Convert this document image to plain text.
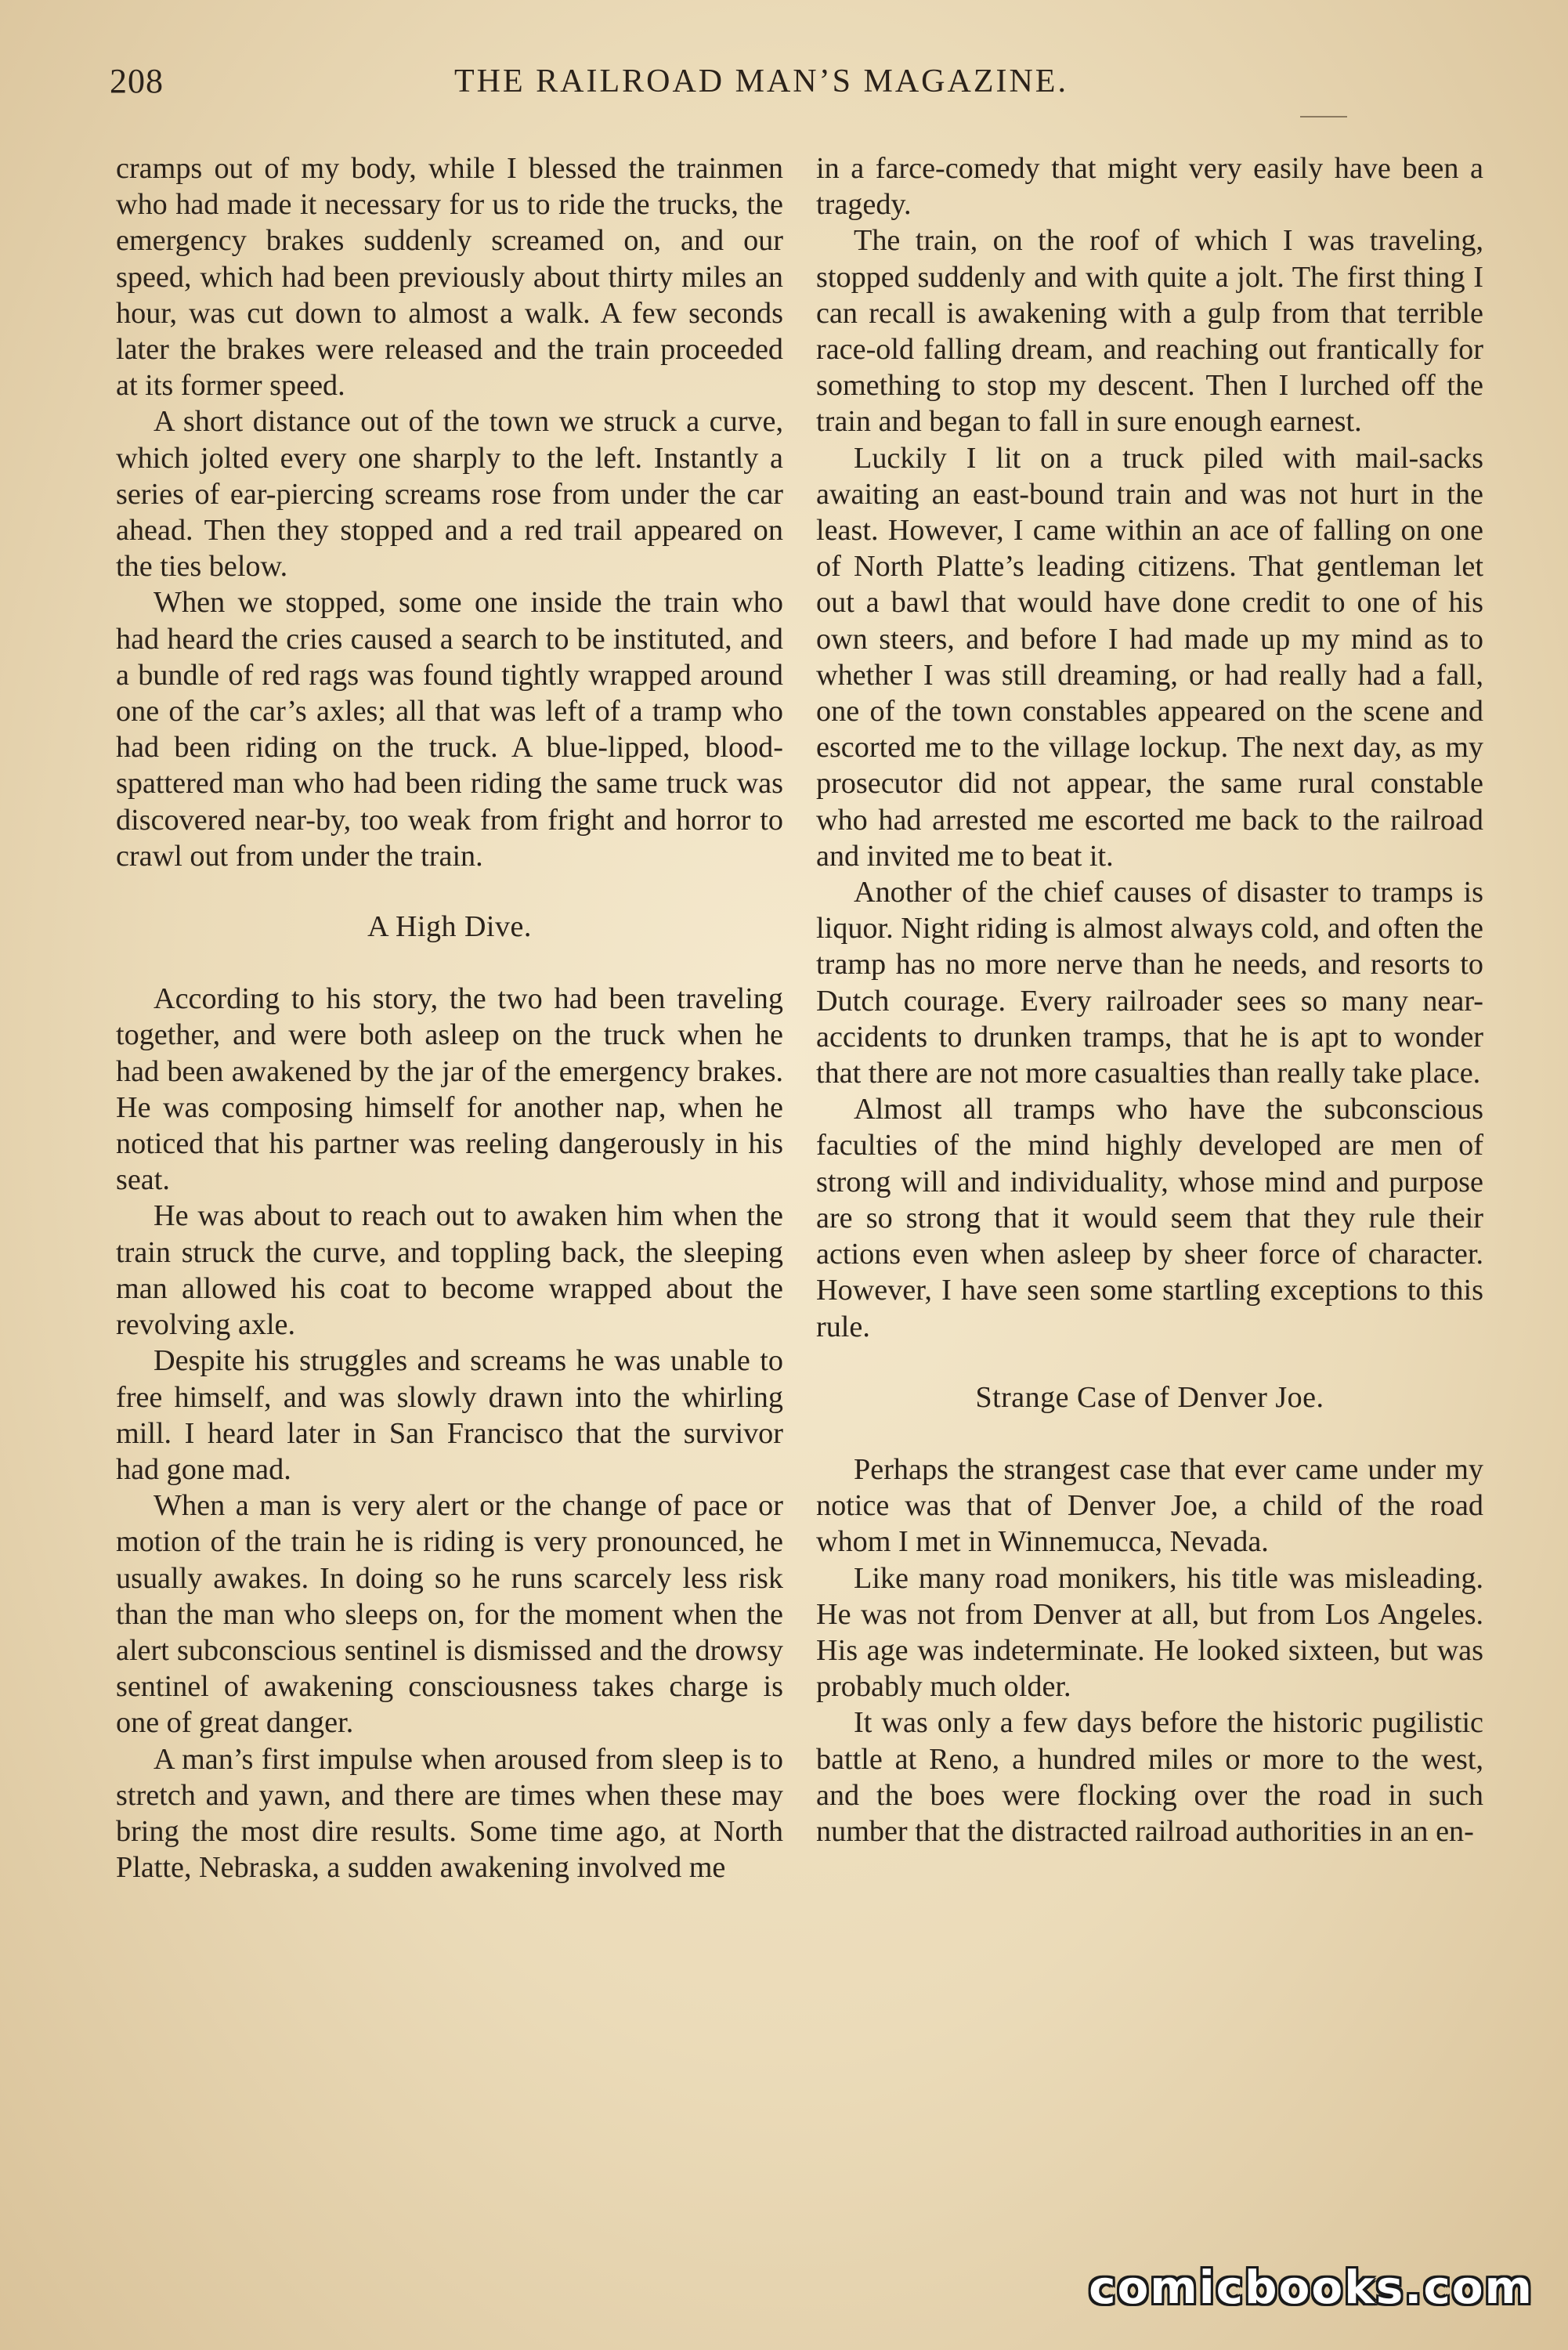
208	THE RAILROAD MAN’S MAGAZINE.

cramps out of my body, while I blessed the trainmen who had made it necessary for us to ride the trucks, the emergency brakes suddenly screamed on, and our speed, which had been previously about thirty miles an hour, was cut down to almost a walk. A few seconds later the brakes were released and the train proceeded at its former speed.

A short distance out of the town we struck a curve, which jolted every one sharply to the left. Instantly a series of ear-piercing screams rose from under the car ahead. Then they stopped and a red trail appeared on the ties below.

When we stopped, some one inside the train who had heard the cries caused a search to be instituted, and a bundle of red rags was found tightly wrapped around one of the car’s axles; all that was left of a tramp who had been riding on the truck. A blue-lipped, blood-spattered man who had been riding the same truck was discovered near-by, too weak from fright and horror to crawl out from under the train.

A High Dive.

According to his story, the two had been traveling together, and were both asleep on the truck when he had been awakened by the jar of the emergency brakes. He was composing himself for another nap, when he noticed that his partner was reeling dangerously in his seat.

He was about to reach out to awaken him when the train struck the curve, and toppling back, the sleeping man allowed his coat to become wrapped about the revolving axle.

Despite his struggles and screams he was unable to free himself, and was slowly drawn into the whirling mill. I heard later in San Francisco that the survivor had gone mad.

When a man is very alert or the change of pace or motion of the train he is riding is very pronounced, he usually awakes. In doing so he runs scarcely less risk than the man who sleeps on, for the moment when the alert subconscious sentinel is dismissed and the drowsy sentinel of awakening consciousness takes charge is one of great danger.

A man’s first impulse when aroused from sleep is to stretch and yawn, and there are times when these may bring the most dire results. Some time ago, at North Platte, Nebraska, a sudden awakening involved me

in a farce-comedy that might very easily have been a tragedy.

The train, on the roof of which I was traveling, stopped suddenly and with quite a jolt. The first thing I can recall is awakening with a gulp from that terrible race-old falling dream, and reaching out frantically for something to stop my descent. Then I lurched off the train and began to fall in sure enough earnest.

Luckily I lit on a truck piled with mail-sacks awaiting an east-bound train and was not hurt in the least. However, I came within an ace of falling on one of North Platte’s leading citizens. That gentleman let out a bawl that would have done credit to one of his own steers, and before I had made up my mind as to whether I was still dreaming, or had really had a fall, one of the town constables appeared on the scene and escorted me to the village lockup. The next day, as my prosecutor did not appear, the same rural constable who had arrested me escorted me back to the railroad and invited me to beat it.

Another of the chief causes of disaster to tramps is liquor. Night riding is almost always cold, and often the tramp has no more nerve than he needs, and resorts to Dutch courage. Every railroader sees so many near-accidents to drunken tramps, that he is apt to wonder that there are not more casualties than really take place.

Almost all tramps who have the subconscious faculties of the mind highly developed are men of strong will and individuality, whose mind and purpose are so strong that it would seem that they rule their actions even when asleep by sheer force of character. However, I have seen some startling exceptions to this rule.

Strange Case of Denver Joe.

Perhaps the strangest case that ever came under my notice was that of Denver Joe, a child of the road whom I met in Winnemucca, Nevada.

Like many road monikers, his title was misleading. He was not from Denver at all, but from Los Angeles. His age was indeterminate. He looked sixteen, but was probably much older.

It was only a few days before the historic pugilistic battle at Reno, a hundred miles or more to the west, and the boes were flocking over the road in such number that the distracted railroad authorities in an en-

comicbooks.com
